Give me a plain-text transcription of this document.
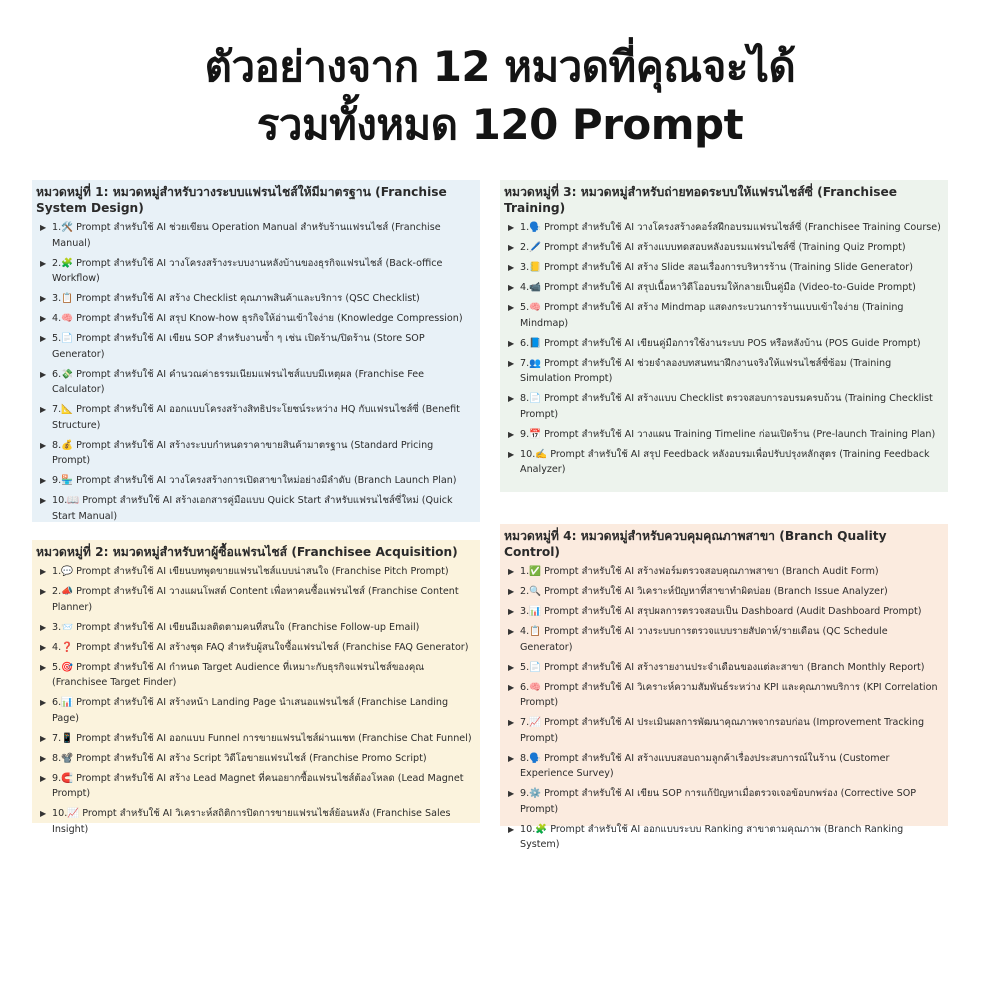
ตัวอย่างจาก 12 หมวดที่คุณจะได้
รวมทั้งหมด 120 Prompt
หมวดหมู่ที่ 1: หมวดหมู่สำหรับวางระบบแฟรนไชส์ให้มีมาตรฐาน (Franchise System Design)
▶ 1.🛠️ Prompt สำหรับใช้ AI ช่วยเขียน Operation Manual สำหรับร้านแฟรนไชส์ (Franchise Manual)
▶ 2.🧩 Prompt สำหรับใช้ AI วางโครงสร้างระบบงานหลังบ้านของธุรกิจแฟรนไชส์ (Back-office Workflow)
▶ 3.📋 Prompt สำหรับใช้ AI สร้าง Checklist คุณภาพสินค้าและบริการ (QSC Checklist)
▶ 4.🧠 Prompt สำหรับใช้ AI สรุป Know-how ธุรกิจให้อ่านเข้าใจง่าย (Knowledge Compression)
▶ 5.📄 Prompt สำหรับใช้ AI เขียน SOP สำหรับงานซ้ำ ๆ เช่น เปิดร้าน/ปิดร้าน (Store SOP Generator)
▶ 6.💸 Prompt สำหรับใช้ AI คำนวณค่าธรรมเนียมแฟรนไชส์แบบมีเหตุผล (Franchise Fee Calculator)
▶ 7.📐 Prompt สำหรับใช้ AI ออกแบบโครงสร้างสิทธิประโยชน์ระหว่าง HQ กับแฟรนไชส์ซี่ (Benefit Structure)
▶ 8.💰 Prompt สำหรับใช้ AI สร้างระบบกำหนดราคาขายสินค้ามาตรฐาน (Standard Pricing Prompt)
▶ 9.🏪 Prompt สำหรับใช้ AI วางโครงสร้างการเปิดสาขาใหม่อย่างมีลำดับ (Branch Launch Plan)
▶ 10.📖 Prompt สำหรับใช้ AI สร้างเอกสารคู่มือแบบ Quick Start สำหรับแฟรนไชส์ซี่ใหม่ (Quick Start Manual)
หมวดหมู่ที่ 2: หมวดหมู่สำหรับหาผู้ซื้อแฟรนไชส์ (Franchisee Acquisition)
▶ 1.💬 Prompt สำหรับใช้ AI เขียนบทพูดขายแฟรนไชส์แบบน่าสนใจ (Franchise Pitch Prompt)
▶ 2.📣 Prompt สำหรับใช้ AI วางแผนโพสต์ Content เพื่อหาคนซื้อแฟรนไชส์ (Franchise Content Planner)
▶ 3.📨 Prompt สำหรับใช้ AI เขียนอีเมลติดตามคนที่สนใจ (Franchise Follow-up Email)
▶ 4.❓ Prompt สำหรับใช้ AI สร้างชุด FAQ สำหรับผู้สนใจซื้อแฟรนไชส์ (Franchise FAQ Generator)
▶ 5.🎯 Prompt สำหรับใช้ AI กำหนด Target Audience ที่เหมาะกับธุรกิจแฟรนไชส์ของคุณ (Franchisee Target Finder)
▶ 6.📊 Prompt สำหรับใช้ AI สร้างหน้า Landing Page นำเสนอแฟรนไชส์ (Franchise Landing Page)
▶ 7.📱 Prompt สำหรับใช้ AI ออกแบบ Funnel การขายแฟรนไชส์ผ่านแชท (Franchise Chat Funnel)
▶ 8.📽️ Prompt สำหรับใช้ AI สร้าง Script วิดีโอขายแฟรนไชส์ (Franchise Promo Script)
▶ 9.🧲 Prompt สำหรับใช้ AI สร้าง Lead Magnet ที่คนอยากซื้อแฟรนไชส์ต้องโหลด (Lead Magnet Prompt)
▶ 10.📈 Prompt สำหรับใช้ AI วิเคราะห์สถิติการปิดการขายแฟรนไชส์ย้อนหลัง (Franchise Sales Insight)
หมวดหมู่ที่ 3: หมวดหมู่สำหรับถ่ายทอดระบบให้แฟรนไชส์ซี่ (Franchisee Training)
▶ 1.🗣️ Prompt สำหรับใช้ AI วางโครงสร้างคอร์สฝึกอบรมแฟรนไชส์ซี่ (Franchisee Training Course)
▶ 2.🖊️ Prompt สำหรับใช้ AI สร้างแบบทดสอบหลังอบรมแฟรนไชส์ซี่ (Training Quiz Prompt)
▶ 3.📒 Prompt สำหรับใช้ AI สร้าง Slide สอนเรื่องการบริหารร้าน (Training Slide Generator)
▶ 4.📹 Prompt สำหรับใช้ AI สรุปเนื้อหาวิดีโออบรมให้กลายเป็นคู่มือ (Video-to-Guide Prompt)
▶ 5.🧠 Prompt สำหรับใช้ AI สร้าง Mindmap แสดงกระบวนการร้านแบบเข้าใจง่าย (Training Mindmap)
▶ 6.📘 Prompt สำหรับใช้ AI เขียนคู่มือการใช้งานระบบ POS หรือหลังบ้าน (POS Guide Prompt)
▶ 7.👥 Prompt สำหรับใช้ AI ช่วยจำลองบทสนทนาฝึกงานจริงให้แฟรนไชส์ซี่ซ้อม (Training Simulation Prompt)
▶ 8.📄 Prompt สำหรับใช้ AI สร้างแบบ Checklist ตรวจสอบการอบรมครบถ้วน (Training Checklist Prompt)
▶ 9.📅 Prompt สำหรับใช้ AI วางแผน Training Timeline ก่อนเปิดร้าน (Pre-launch Training Plan)
▶ 10.✍️ Prompt สำหรับใช้ AI สรุป Feedback หลังอบรมเพื่อปรับปรุงหลักสูตร (Training Feedback Analyzer)
หมวดหมู่ที่ 4: หมวดหมู่สำหรับควบคุมคุณภาพสาขา (Branch Quality Control)
▶ 1.✅ Prompt สำหรับใช้ AI สร้างฟอร์มตรวจสอบคุณภาพสาขา (Branch Audit Form)
▶ 2.🔍 Prompt สำหรับใช้ AI วิเคราะห์ปัญหาที่สาขาทำผิดบ่อย (Branch Issue Analyzer)
▶ 3.📊 Prompt สำหรับใช้ AI สรุปผลการตรวจสอบเป็น Dashboard (Audit Dashboard Prompt)
▶ 4.📋 Prompt สำหรับใช้ AI วางระบบการตรวจแบบรายสัปดาห์/รายเดือน (QC Schedule Generator)
▶ 5.📄 Prompt สำหรับใช้ AI สร้างรายงานประจำเดือนของแต่ละสาขา (Branch Monthly Report)
▶ 6.🧠 Prompt สำหรับใช้ AI วิเคราะห์ความสัมพันธ์ระหว่าง KPI และคุณภาพบริการ (KPI Correlation Prompt)
▶ 7.📈 Prompt สำหรับใช้ AI ประเมินผลการพัฒนาคุณภาพจากรอบก่อน (Improvement Tracking Prompt)
▶ 8.🗣️ Prompt สำหรับใช้ AI สร้างแบบสอบถามลูกค้าเรื่องประสบการณ์ในร้าน (Customer Experience Survey)
▶ 9.⚙️ Prompt สำหรับใช้ AI เขียน SOP การแก้ปัญหาเมื่อตรวจเจอข้อบกพร่อง (Corrective SOP Prompt)
▶ 10.🧩 Prompt สำหรับใช้ AI ออกแบบระบบ Ranking สาขาตามคุณภาพ (Branch Ranking System)
